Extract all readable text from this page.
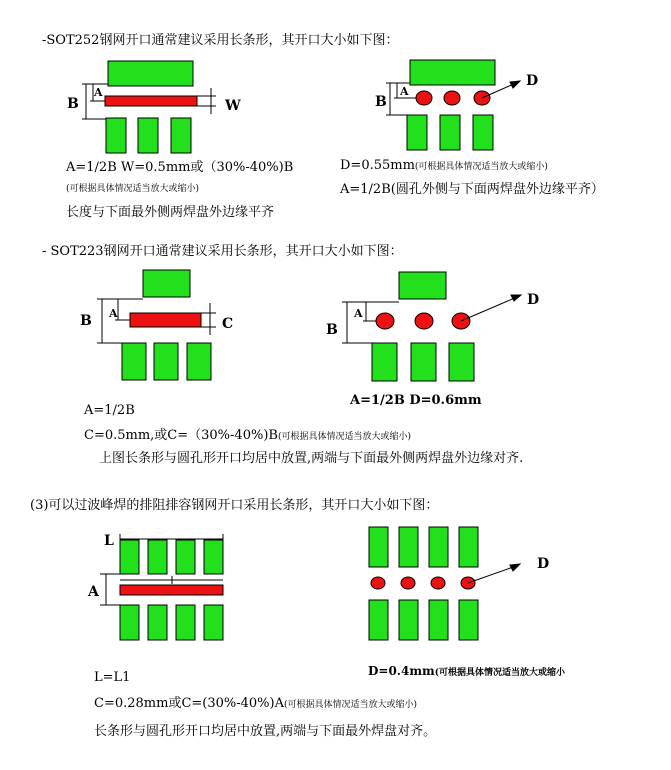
-SOT252钢网开口通常建议采用长条形，其开口大小如下图：
B
A
W	B
A
D
A=1/2B W=0.5mm或（30%-40%)B
(可根据具体情况适当放大或缩小)
长度与下面最外侧两焊盘外边缘平齐
D=0.55mm(可根据具体情况适当放大或缩小)
A=1/2B(圆孔外侧与下面两焊盘外边缘平齐）
- SOT223钢网开口通常建议采用长条形，其开口大小如下图：
B A
C	B
A
D
A=1/2B D=0.6mm
A=1/2B
C=0.5mm,或C=（30%-40%)B(可根据具体情况适当放大或缩小)
上图长条形与圆孔形开口均居中放置,两端与下面最外侧两焊盘外边缘对齐.
(3)可以过波峰焊的排阻排容钢网开口采用长条形，其开口大小如下图：
L
A
D
D=0.4mm(可根据具体情况适当放大或缩小
L=L1
C=0.28mm或C=(30%-40%)A(可根据具体情况适当放大或缩小)
长条形与圆孔形开口均居中放置,两端与下面最外焊盘对齐。
